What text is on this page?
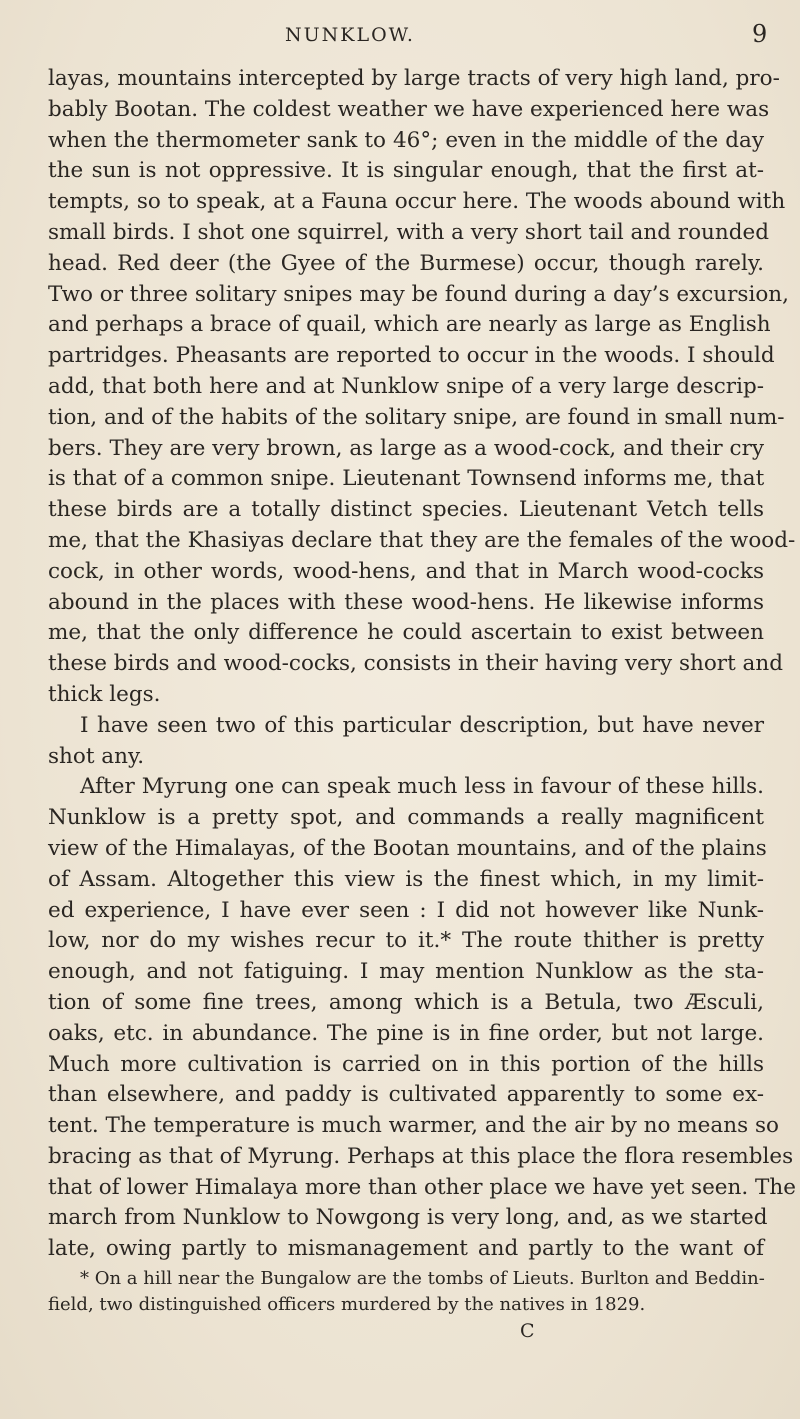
NUNKLOW.	9
layas, mountains intercepted by large tracts of very high land, pro-
bably Bootan. The coldest weather we have experienced here was
when the thermometer sank to 46°; even in the middle of the day
the sun is not oppressive. It is singular enough, that the first at-
tempts, so to speak, at a Fauna occur here. The woods abound with
small birds. I shot one squirrel, with a very short tail and rounded
head. Red deer (the Gyee of the Burmese) occur, though rarely.
Two or three solitary snipes may be found during a day’s excursion,
and perhaps a brace of quail, which are nearly as large as English
partridges. Pheasants are reported to occur in the woods. I should
add, that both here and at Nunklow snipe of a very large descrip-
tion, and of the habits of the solitary snipe, are found in small num-
bers. They are very brown, as large as a wood-cock, and their cry
is that of a common snipe. Lieutenant Townsend informs me, that
these birds are a totally distinct species. Lieutenant Vetch tells
me, that the Khasiyas declare that they are the females of the wood-
cock, in other words, wood-hens, and that in March wood-cocks
abound in the places with these wood-hens. He likewise informs
me, that the only difference he could ascertain to exist between
these birds and wood-cocks, consists in their having very short and
thick legs.
I have seen two of this particular description, but have never
shot any.
After Myrung one can speak much less in favour of these hills.
Nunklow is a pretty spot, and commands a really magnificent
view of the Himalayas, of the Bootan mountains, and of the plains
of Assam. Altogether this view is the finest which, in my limit-
ed experience, I have ever seen : I did not however like Nunk-
low, nor do my wishes recur to it.* The route thither is pretty
enough, and not fatiguing. I may mention Nunklow as the sta-
tion of some fine trees, among which is a Betula, two Æsculi,
oaks, etc. in abundance. The pine is in fine order, but not large.
Much more cultivation is carried on in this portion of the hills
than elsewhere, and paddy is cultivated apparently to some ex-
tent. The temperature is much warmer, and the air by no means so
bracing as that of Myrung. Perhaps at this place the flora resembles
that of lower Himalaya more than other place we have yet seen. The
march from Nunklow to Nowgong is very long, and, as we started
late, owing partly to mismanagement and partly to the want of
* On a hill near the Bungalow are the tombs of Lieuts. Burlton and Beddin-
field, two distinguished officers murdered by the natives in 1829.
C
